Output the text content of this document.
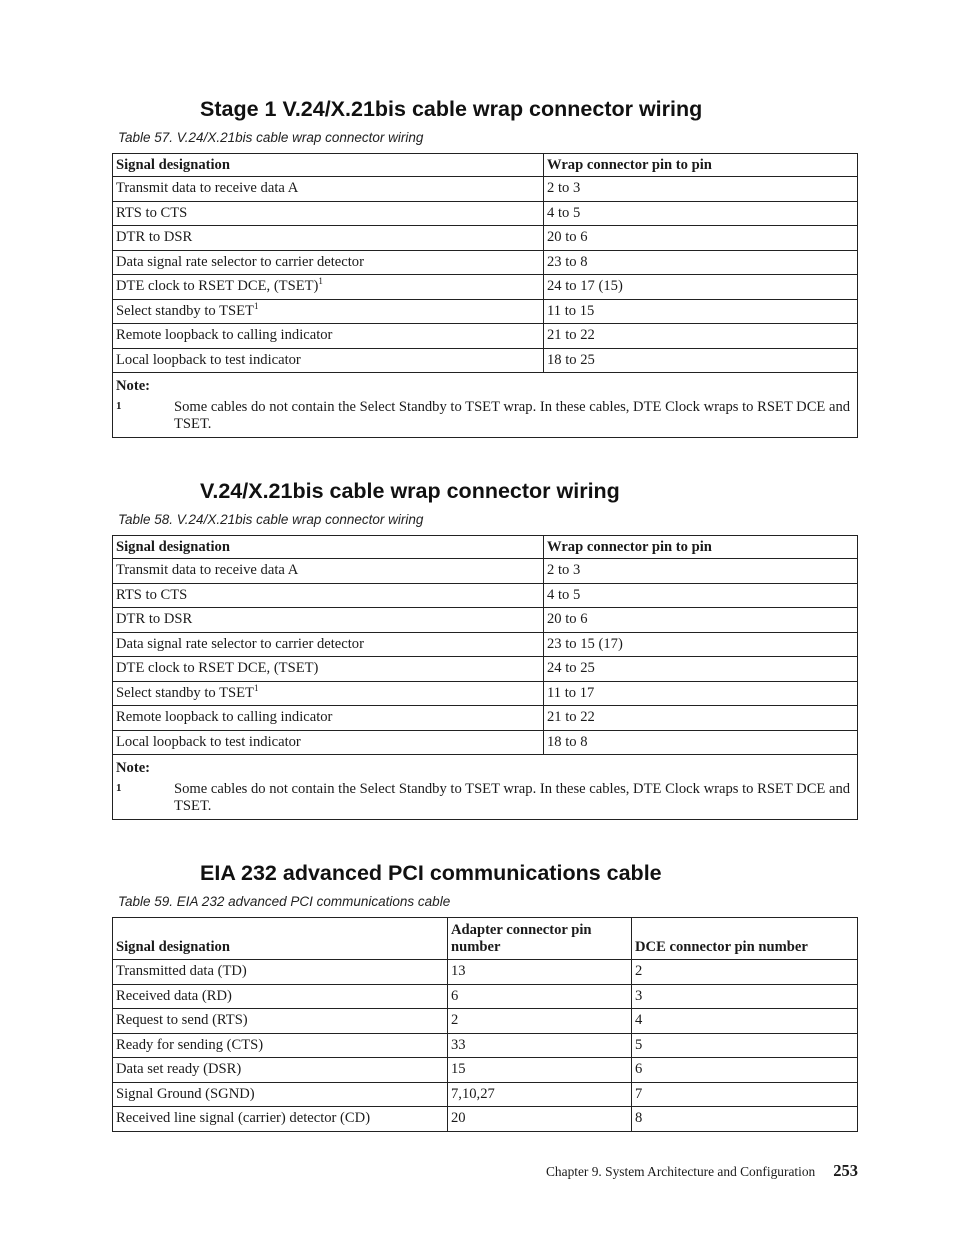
Stage 1 V.24/X.21bis cable wrap connector wiring
Table 57. V.24/X.21bis cable wrap connector wiring
Signal designation	Wrap connector pin to pin
Transmit data to receive data A	2 to 3
RTS to CTS	4 to 5
DTR to DSR	20 to 6
Data signal rate selector to carrier detector	23 to 8
DTE clock to RSET DCE, (TSET)$^1$	24 to 17 (15)
Select standby to TSET$^1$	11 to 15
Remote loopback to calling indicator	21 to 22
Local loopback to test indicator	18 to 25

Note:
1 Some cables do not contain the Select Standby to TSET wrap. In these cables, DTE Clock wraps to RSET DCE and TSET.	
V.24/X.21bis cable wrap connector wiring
Table 58. V.24/X.21bis cable wrap connector wiring
Signal designation	Wrap connector pin to pin
Transmit data to receive data A	2 to 3
RTS to CTS	4 to 5
DTR to DSR	20 to 6
Data signal rate selector to carrier detector	23 to 15 (17)
DTE clock to RSET DCE, (TSET)	24 to 25
Select standby to TSET$^1$	11 to 17
Remote loopback to calling indicator	21 to 22
Local loopback to test indicator	18 to 8

Note:
1 Some cables do not contain the Select Standby to TSET wrap. In these cables, DTE Clock wraps to RSET DCE and TSET.	
EIA 232 advanced PCI communications cable
Table 59. EIA 232 advanced PCI communications cable
Signal designation	Adapter connector pin number	DCE connector pin number
Transmitted data (TD)	13	2
Received data (RD)	6	3
Request to send (RTS)	2	4
Ready for sending (CTS)	33	5
Data set ready (DSR)	15	6
Signal Ground (SGND)	7,10,27	7
Received line signal (carrier) detector (CD)	20	8
Chapter 9. System Architecture and Configuration 253
